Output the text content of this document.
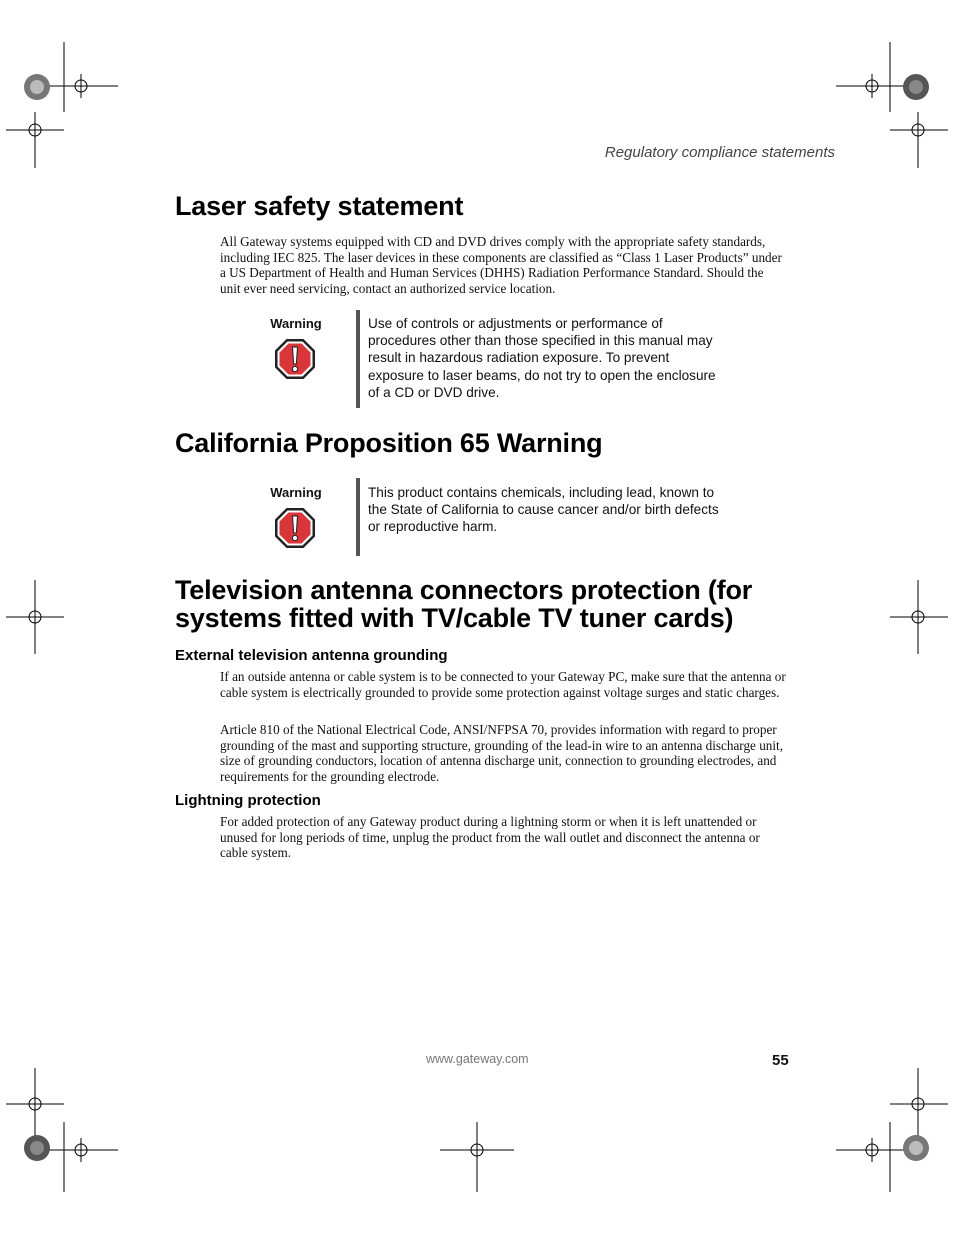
Regulatory compliance statements
Laser safety statement
All Gateway systems equipped with CD and DVD drives comply with the appropriate safety standards, including IEC 825. The laser devices in these components are classified as “Class 1 Laser Products” under a US Department of Health and Human Services (DHHS) Radiation Performance Standard. Should the unit ever need servicing, contact an authorized service location.
Warning	Use of controls or adjustments or performance of procedures other than those specified in this manual may result in hazardous radiation exposure. To prevent exposure to laser beams, do not try to open the enclosure of a CD or DVD drive.
California Proposition 65 Warning
Warning	This product contains chemicals, including lead, known to the State of California to cause cancer and/or birth defects or reproductive harm.
Television antenna connectors protection (for systems fitted with TV/cable TV tuner cards)
External television antenna grounding
If an outside antenna or cable system is to be connected to your Gateway PC, make sure that the antenna or cable system is electrically grounded to provide some protection against voltage surges and static charges.
Article 810 of the National Electrical Code, ANSI/NFPSA 70, provides information with regard to proper grounding of the mast and supporting structure, grounding of the lead-in wire to an antenna discharge unit, size of grounding conductors, location of antenna discharge unit, connection to grounding electrodes, and requirements for the grounding electrode.
Lightning protection
For added protection of any Gateway product during a lightning storm or when it is left unattended or unused for long periods of time, unplug the product from the wall outlet and disconnect the antenna or cable system.
www.gateway.com	55
